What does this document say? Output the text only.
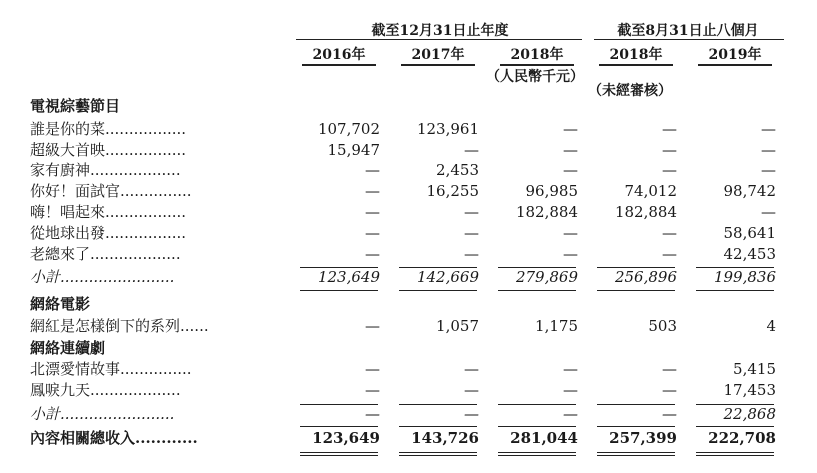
截至12月31日止年度	截至8月31日止八個月
2016年	2017年	2018年	2018年	2019年
（人民幣千元）
（未經審核）
電視綜藝節目
誰是你的菜.................	107,702	123,961	—	—	—
超級大首映.................	15,947	—	—	—	—
家有廚神...................	—	2,453	—	—	—
你好！面試官...............	—	16,255	96,985	74,012	98,742
嗨！唱起來.................	—	—	182,884	182,884	—
從地球出發.................	—	—	—	—	58,641
老總來了...................	—	—	—	—	42,453
小計........................	123,649	142,669	279,869	256,896	199,836
網絡電影
網紅是怎樣倒下的系列......	—	1,057	1,175	503	4
網絡連續劇
北漂愛情故事...............	—	—	—	—	5,415
鳳唳九天...................	—	—	—	—	17,453
小計........................	—	—	—	—	22,868
內容相關總收入............	123,649	143,726	281,044	257,399	222,708
